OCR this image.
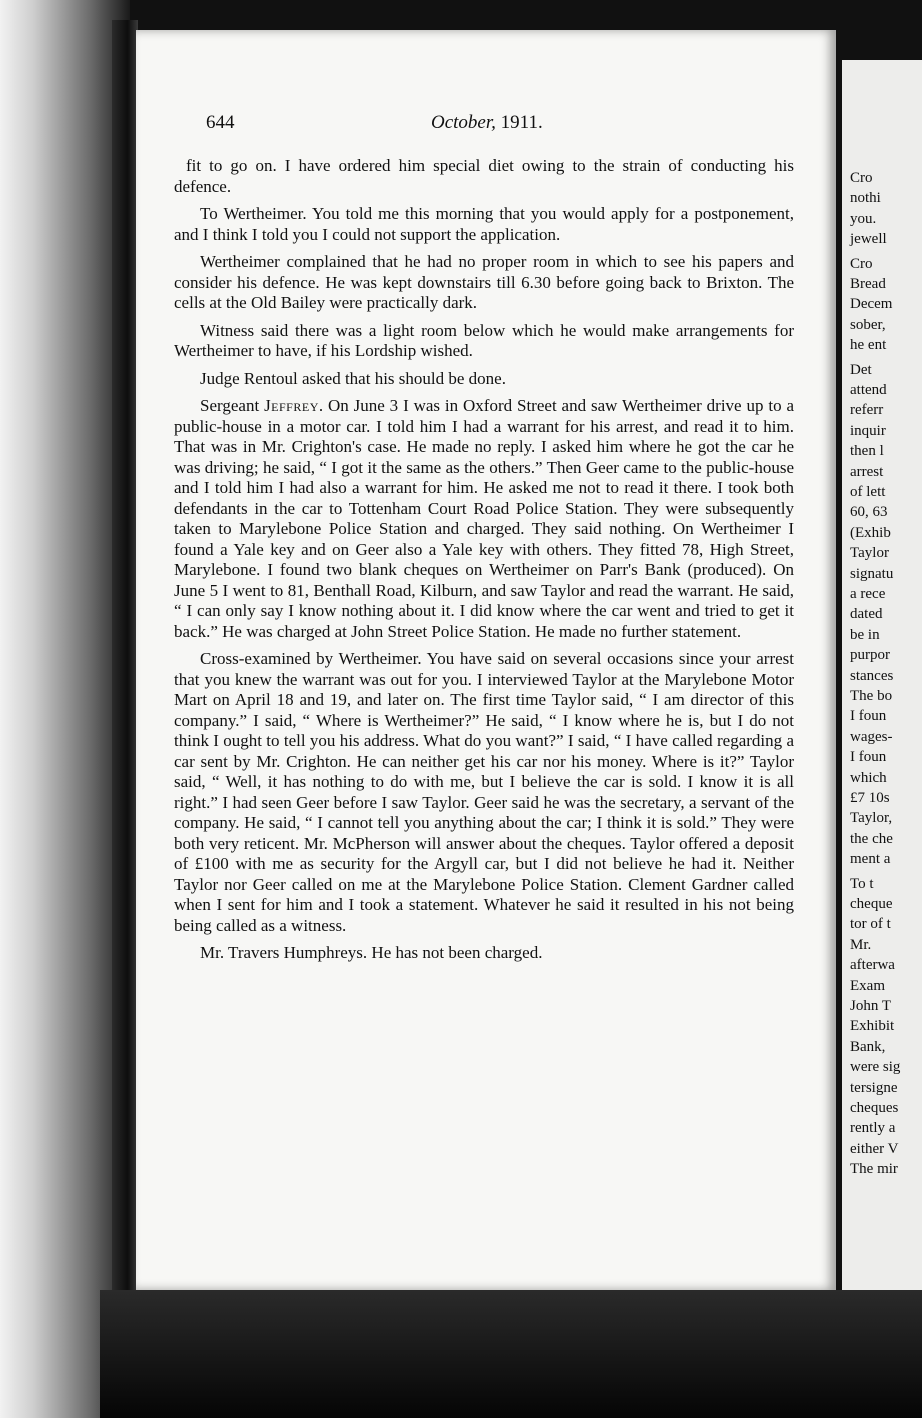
Cro
nothi
you.
jewell
Cro
Bread
Decem
sober,
he ent
Det
attend
referr
inquir
then l
arrest
of lett
60, 63
(Exhib
Taylor
signatu
a rece
dated
be in
purpor
stances
The bo
I foun
wages-
I foun
which
£7 10s
Taylor,
the che
ment a
To t
cheque
tor of t
Mr.
afterwa
Exam
John T
Exhibit
Bank,
were sig
tersigne
cheques
rently a
either V
The mir
644	October, 1911.

fit to go on. I have ordered him special diet owing to the strain of conducting his defence.

To Wertheimer. You told me this morning that you would apply for a postponement, and I think I told you I could not support the application.

Wertheimer complained that he had no proper room in which to see his papers and consider his defence. He was kept downstairs till 6.30 before going back to Brixton. The cells at the Old Bailey were practically dark.

Witness said there was a light room below which he would make arrangements for Wertheimer to have, if his Lordship wished.

Judge Rentoul asked that his should be done.

Sergeant Jeffrey. On June 3 I was in Oxford Street and saw Wertheimer drive up to a public-house in a motor car. I told him I had a warrant for his arrest, and read it to him. That was in Mr. Crighton's case. He made no reply. I asked him where he got the car he was driving; he said, “ I got it the same as the others.” Then Geer came to the public-house and I told him I had also a warrant for him. He asked me not to read it there. I took both defendants in the car to Tottenham Court Road Police Station. They were subsequently taken to Marylebone Police Station and charged. They said nothing. On Wertheimer I found a Yale key and on Geer also a Yale key with others. They fitted 78, High Street, Marylebone. I found two blank cheques on Wertheimer on Parr's Bank (produced). On June 5 I went to 81, Benthall Road, Kilburn, and saw Taylor and read the warrant. He said, “ I can only say I know nothing about it. I did know where the car went and tried to get it back.” He was charged at John Street Police Station. He made no further statement.

Cross-examined by Wertheimer. You have said on several occasions since your arrest that you knew the warrant was out for you. I interviewed Taylor at the Marylebone Motor Mart on April 18 and 19, and later on. The first time Taylor said, “ I am director of this company.” I said, “ Where is Wertheimer?” He said, “ I know where he is, but I do not think I ought to tell you his address. What do you want?” I said, “ I have called regarding a car sent by Mr. Crighton. He can neither get his car nor his money. Where is it?” Taylor said, “ Well, it has nothing to do with me, but I believe the car is sold. I know it is all right.” I had seen Geer before I saw Taylor. Geer said he was the secretary, a servant of the company. He said, “ I cannot tell you anything about the car; I think it is sold.” They were both very reticent. Mr. McPherson will answer about the cheques. Taylor offered a deposit of £100 with me as security for the Argyll car, but I did not believe he had it. Neither Taylor nor Geer called on me at the Marylebone Police Station. Clement Gardner called when I sent for him and I took a statement. Whatever he said it resulted in his not being being called as a witness.

Mr. Travers Humphreys. He has not been charged.
